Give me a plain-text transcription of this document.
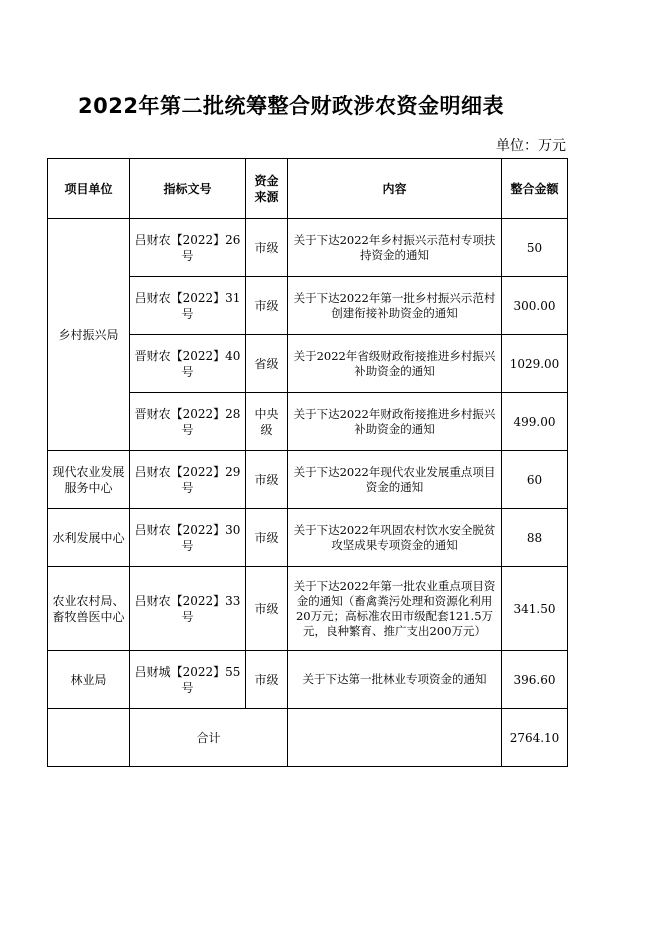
2022年第二批统筹整合财政涉农资金明细表
单位：万元
项目单位	指标文号	资金来源	内容	整合金额
乡村振兴局	吕财农【2022】26号	市级	关于下达2022年乡村振兴示范村专项扶持资金的通知	50
	吕财农【2022】31号	市级	关于下达2022年第一批乡村振兴示范村创建衔接补助资金的通知	300.00
	晋财农【2022】40号	省级	关于2022年省级财政衔接推进乡村振兴补助资金的通知	1029.00
	晋财农【2022】28号	中央级	关于下达2022年财政衔接推进乡村振兴补助资金的通知	499.00
现代农业发展服务中心	吕财农【2022】29号	市级	关于下达2022年现代农业发展重点项目资金的通知	60
水利发展中心	吕财农【2022】30号	市级	关于下达2022年巩固农村饮水安全脱贫攻坚成果专项资金的通知	88
农业农村局、畜牧兽医中心	吕财农【2022】33号	市级	关于下达2022年第一批农业重点项目资金的通知（畜禽粪污处理和资源化利用20万元；高标准农田市级配套121.5万元，良种繁育、推广支出200万元）	341.50
林业局	吕财城【2022】55号	市级	关于下达第一批林业专项资金的通知	396.60
	合计			2764.10
